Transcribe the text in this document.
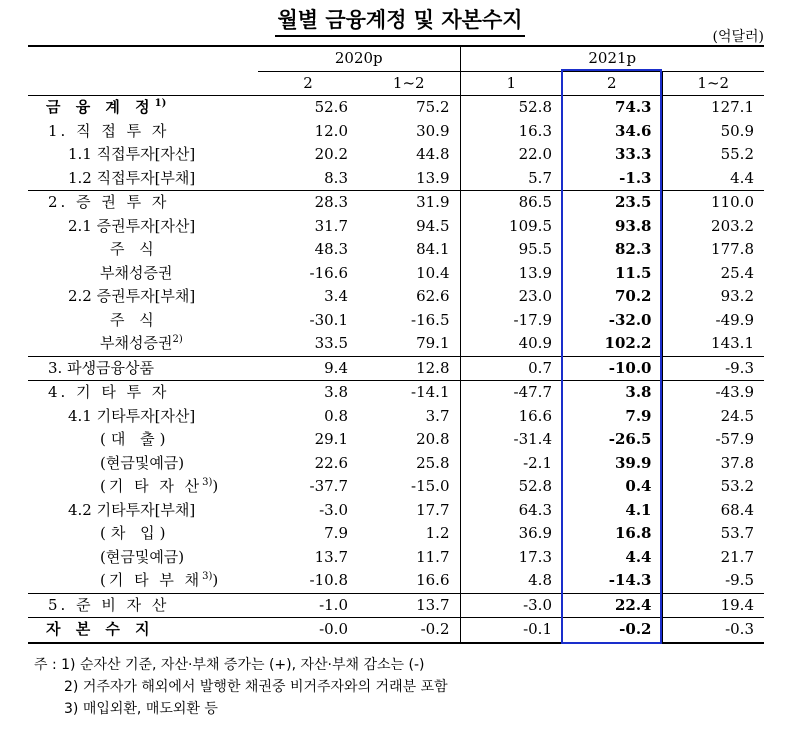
월별 금융계정 및 자본수지
(억달러)
	2020p		2021p		
	2	1~2	1	2	1~2
금 융 계 정$^{1)}$	52.6	75.2	52.8	74.3	127.1
1. 직 접 투 자	12.0	30.9	16.3	34.6	50.9
1.1 직접투자[자산]	20.2	44.8	22.0	33.3	55.2
1.2 직접투자[부채]	8.3	13.9	5.7	-1.3	4.4
2. 증 권 투 자	28.3	31.9	86.5	23.5	110.0
2.1 증권투자[자산]	31.7	94.5	109.5	93.8	203.2
주 식	48.3	84.1	95.5	82.3	177.8
부채성증권	-16.6	10.4	13.9	11.5	25.4
2.2 증권투자[부채]	3.4	62.6	23.0	70.2	93.2
주 식	-30.1	-16.5	-17.9	-32.0	-49.9
부채성증권$^{2)}$	33.5	79.1	40.9	102.2	143.1
3. 파생금융상품	9.4	12.8	0.7	-10.0	-9.3
4. 기 타 투 자	3.8	-14.1	-47.7	3.8	-43.9
4.1 기타투자[자산]	0.8	3.7	16.6	7.9	24.5
(대 출)	29.1	20.8	-31.4	-26.5	-57.9
(현금및예금)	22.6	25.8	-2.1	39.9	37.8
(기 타 자 산$^{3)}$)	-37.7	-15.0	52.8	0.4	53.2
4.2 기타투자[부채]	-3.0	17.7	64.3	4.1	68.4
(차 입)	7.9	1.2	36.9	16.8	53.7
(현금및예금)	13.7	11.7	17.3	4.4	21.7
(기 타 부 채$^{3)}$)	-10.8	16.6	4.8	-14.3	-9.5
5. 준 비 자 산	-1.0	13.7	-3.0	22.4	19.4
자 본 수 지	-0.0	-0.2	-0.1	-0.2	-0.3
주 : 1) 순자산 기준, 자산·부채 증가는 (+), 자산·부채 감소는 (-)
2) 거주자가 해외에서 발행한 채권중 비거주자와의 거래분 포함
3) 매입외환, 매도외환 등
